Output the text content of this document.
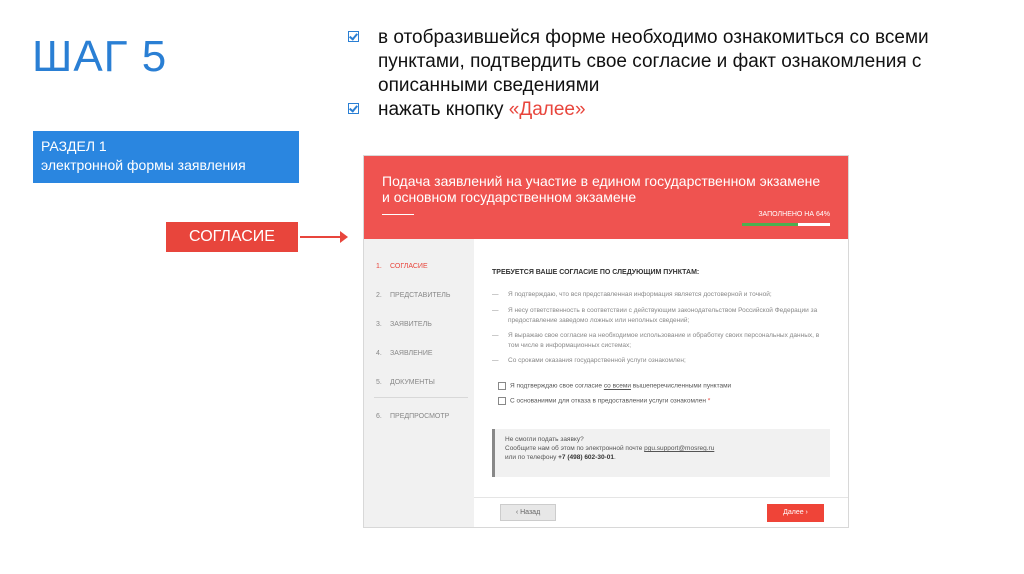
ШАГ 5	в отобразившейся форме необходимо ознакомиться со всеми пунктами, подтвердить свое согласие и факт ознакомления с описанными сведениями
нажать кнопку «Далее»
РАЗДЕЛ 1
электронной формы заявления
СОГЛАСИЕ
Подача заявлений на участие в едином государственном экзамене и основном государственном экзамене
ЗАПОЛНЕНО НА 64%
1. СОГЛАСИЕ
2. ПРЕДСТАВИТЕЛЬ
3. ЗАЯВИТЕЛЬ
4. ЗАЯВЛЕНИЕ
5. ДОКУМЕНТЫ
6. ПРЕДПРОСМОТР
ТРЕБУЕТСЯ ВАШЕ СОГЛАСИЕ ПО СЛЕДУЮЩИМ ПУНКТАМ:
— Я подтверждаю, что вся представленная информация является достоверной и точной;
— Я несу ответственность в соответствии с действующим законодательством Российской Федерации за предоставление заведомо ложных или неполных сведений;
— Я выражаю свое согласие на необходимое использование и обработку своих персональных данных, в том числе в информационных системах;
— Со сроками оказания государственной услуги ознакомлен;
Я подтверждаю свое согласие со всеми вышеперечисленными пунктами
С основаниями для отказа в предоставлении услуги ознакомлен *
Не смогли подать заявку?
Сообщите нам об этом по электронной почте pgu.support@mosreg.ru
или по телефону +7 (498) 602-30-01.
‹ Назад	Далее ›
